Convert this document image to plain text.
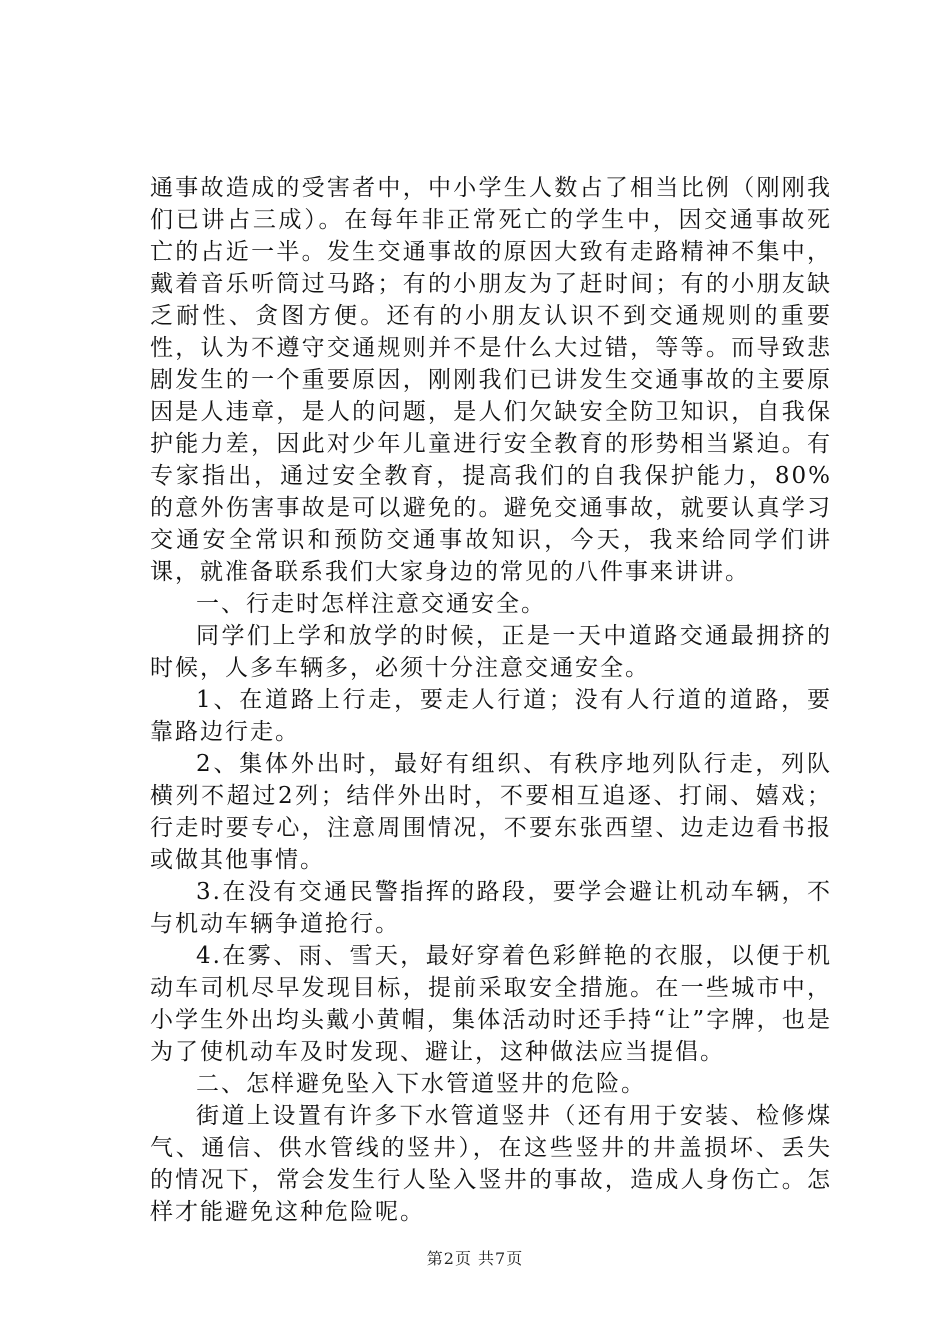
通事故造成的受害者中，中小学生人数占了相当比例（刚刚我们已讲占三成）。在每年非正常死亡的学生中，因交通事故死亡的占近一半。发生交通事故的原因大致有走路精神不集中，戴着音乐听筒过马路；有的小朋友为了赶时间；有的小朋友缺乏耐性、贪图方便。还有的小朋友认识不到交通规则的重要性，认为不遵守交通规则并不是什么大过错，等等。而导致悲剧发生的一个重要原因，刚刚我们已讲发生交通事故的主要原因是人违章，是人的问题，是人们欠缺安全防卫知识，自我保护能力差，因此对少年儿童进行安全教育的形势相当紧迫。有专家指出，通过安全教育，提高我们的自我保护能力，80%的意外伤害事故是可以避免的。避免交通事故，就要认真学习交通安全常识和预防交通事故知识，今天，我来给同学们讲课，就准备联系我们大家身边的常见的八件事来讲讲。

一、行走时怎样注意交通安全。

同学们上学和放学的时候，正是一天中道路交通最拥挤的时候，人多车辆多，必须十分注意交通安全。

1、在道路上行走，要走人行道；没有人行道的道路，要靠路边行走。

2、集体外出时，最好有组织、有秩序地列队行走，列队横列不超过2列；结伴外出时，不要相互追逐、打闹、嬉戏；行走时要专心，注意周围情况，不要东张西望、边走边看书报或做其他事情。

3.在没有交通民警指挥的路段，要学会避让机动车辆，不与机动车辆争道抢行。

4.在雾、雨、雪天，最好穿着色彩鲜艳的衣服，以便于机动车司机尽早发现目标，提前采取安全措施。在一些城市中，小学生外出均头戴小黄帽，集体活动时还手持“让”字牌，也是为了使机动车及时发现、避让，这种做法应当提倡。

二、怎样避免坠入下水管道竖井的危险。

街道上设置有许多下水管道竖井（还有用于安装、检修煤气、通信、供水管线的竖井），在这些竖井的井盖损坏、丢失的情况下，常会发生行人坠入竖井的事故，造成人身伤亡。怎样才能避免这种危险呢。

第2页 共7页
